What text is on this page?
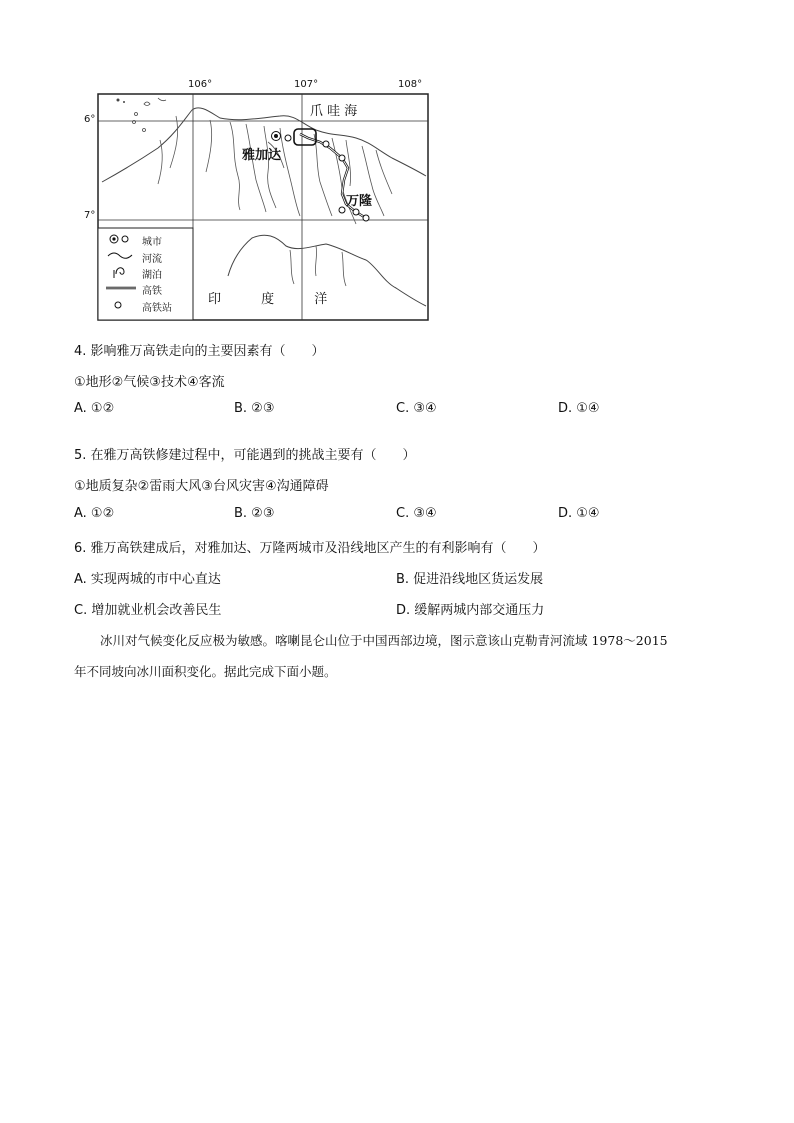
106°	107°	108°
6°
7°
爪 哇 海
雅加达
万隆
印 度 洋
城市
河流
湖泊
高铁
高铁站
4. 影响雅万高铁走向的主要因素有（　　）
①地形②气候③技术④客流
A. ①②	B. ②③	C. ③④	D. ①④
5. 在雅万高铁修建过程中，可能遇到的挑战主要有（　　）
①地质复杂②雷雨大风③台风灾害④沟通障碍
A. ①②	B. ②③	C. ③④	D. ①④
6. 雅万高铁建成后，对雅加达、万隆两城市及沿线地区产生的有利影响有（　　）
A. 实现两城的市中心直达	B. 促进沿线地区货运发展
C. 增加就业机会改善民生	D. 缓解两城内部交通压力
冰川对气候变化反应极为敏感。喀喇昆仑山位于中国西部边境，图示意该山克勒青河流域 1978～2015
年不同坡向冰川面积变化。据此完成下面小题。
